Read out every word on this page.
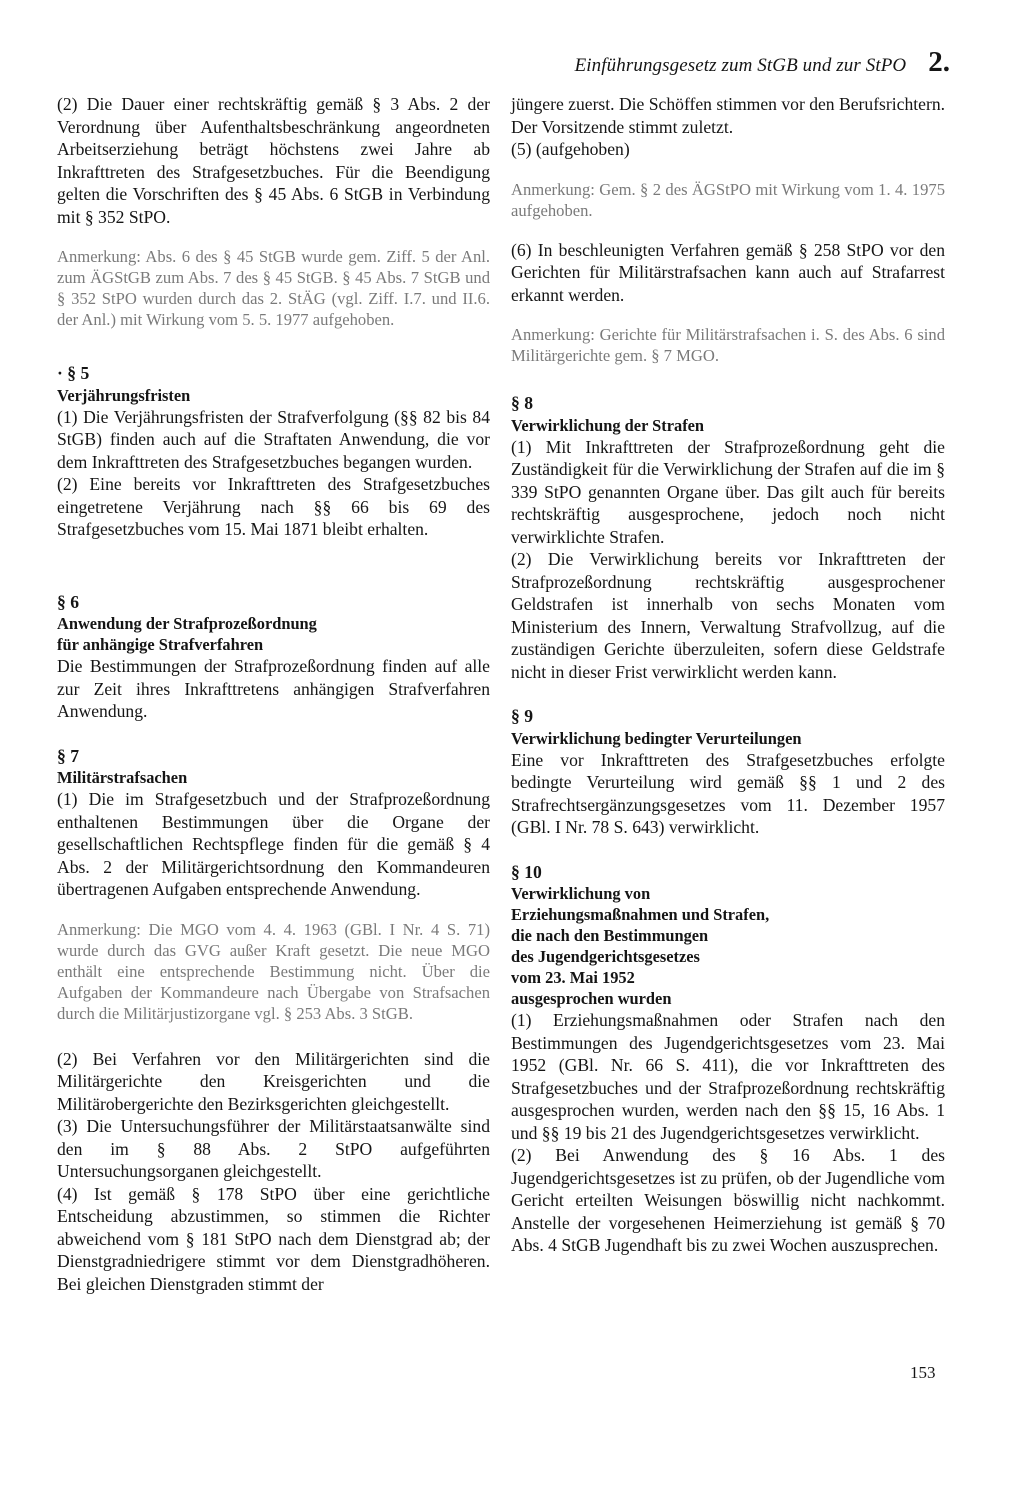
Einführungsgesetz zum StGB und zur StPO 2.

(2) Die Dauer einer rechtskräftig gemäß § 3 Abs. 2 der Verordnung über Aufenthaltsbeschränkung angeordneten Arbeitserziehung beträgt höchstens zwei Jahre ab Inkrafttreten des Strafgesetzbuches. Für die Beendigung gelten die Vorschriften des § 45 Abs. 6 StGB in Verbindung mit § 352 StPO.

Anmerkung: Abs. 6 des § 45 StGB wurde gem. Ziff. 5 der Anl. zum ÄGStGB zum Abs. 7 des § 45 StGB. § 45 Abs. 7 StGB und § 352 StPO wurden durch das 2. StÄG (vgl. Ziff. I.7. und II.6. der Anl.) mit Wirkung vom 5. 5. 1977 aufgehoben.

· § 5
Verjährungsfristen

(1) Die Verjährungsfristen der Strafverfolgung (§§ 82 bis 84 StGB) finden auch auf die Straftaten Anwendung, die vor dem Inkrafttreten des Strafgesetzbuches begangen wurden.

(2) Eine bereits vor Inkrafttreten des Strafgesetzbuches eingetretene Verjährung nach §§ 66 bis 69 des Strafgesetzbuches vom 15. Mai 1871 bleibt erhalten.

§ 6
Anwendung der Strafprozeßordnung
für anhängige Strafverfahren

Die Bestimmungen der Strafprozeßordnung finden auf alle zur Zeit ihres Inkrafttretens anhängigen Strafverfahren Anwendung.

§ 7
Militärstrafsachen

(1) Die im Strafgesetzbuch und der Strafprozeßordnung enthaltenen Bestimmungen über die Organe der gesellschaftlichen Rechtspflege finden für die gemäß § 4 Abs. 2 der Militärgerichtsordnung den Kommandeuren übertragenen Aufgaben entsprechende Anwendung.

Anmerkung: Die MGO vom 4. 4. 1963 (GBl. I Nr. 4 S. 71) wurde durch das GVG außer Kraft gesetzt. Die neue MGO enthält eine entsprechende Bestimmung nicht. Über die Aufgaben der Kommandeure nach Übergabe von Strafsachen durch die Militärjustizorgane vgl. § 253 Abs. 3 StGB.

(2) Bei Verfahren vor den Militärgerichten sind die Militärgerichte den Kreisgerichten und die Militärobergerichte den Bezirksgerichten gleichgestellt.

(3) Die Untersuchungsführer der Militärstaatsanwälte sind den im § 88 Abs. 2 StPO aufgeführten Untersuchungsorganen gleichgestellt.

(4) Ist gemäß § 178 StPO über eine gerichtliche Entscheidung abzustimmen, so stimmen die Richter abweichend vom § 181 StPO nach dem Dienstgrad ab; der Dienstgradniedrigere stimmt vor dem Dienstgradhöheren. Bei gleichen Dienstgraden stimmt der

jüngere zuerst. Die Schöffen stimmen vor den Berufsrichtern. Der Vorsitzende stimmt zuletzt.

(5) (aufgehoben)

Anmerkung: Gem. § 2 des ÄGStPO mit Wirkung vom 1. 4. 1975 aufgehoben.

(6) In beschleunigten Verfahren gemäß § 258 StPO vor den Gerichten für Militärstrafsachen kann auch auf Strafarrest erkannt werden.

Anmerkung: Gerichte für Militärstrafsachen i. S. des Abs. 6 sind Militärgerichte gem. § 7 MGO.

§ 8
Verwirklichung der Strafen

(1) Mit Inkrafttreten der Strafprozeßordnung geht die Zuständigkeit für die Verwirklichung der Strafen auf die im § 339 StPO genannten Organe über. Das gilt auch für bereits rechtskräftig ausgesprochene, jedoch noch nicht verwirklichte Strafen.

(2) Die Verwirklichung bereits vor Inkrafttreten der Strafprozeßordnung rechtskräftig ausgesprochener Geldstrafen ist innerhalb von sechs Monaten vom Ministerium des Innern, Verwaltung Strafvollzug, auf die zuständigen Gerichte überzuleiten, sofern diese Geldstrafe nicht in dieser Frist verwirklicht werden kann.

§ 9
Verwirklichung bedingter Verurteilungen

Eine vor Inkrafttreten des Strafgesetzbuches erfolgte bedingte Verurteilung wird gemäß §§ 1 und 2 des Strafrechtsergänzungsgesetzes vom 11. Dezember 1957 (GBl. I Nr. 78 S. 643) verwirklicht.

§ 10
Verwirklichung von
Erziehungsmaßnahmen und Strafen,
die nach den Bestimmungen
des Jugendgerichtsgesetzes
vom 23. Mai 1952
ausgesprochen wurden

(1) Erziehungsmaßnahmen oder Strafen nach den Bestimmungen des Jugendgerichtsgesetzes vom 23. Mai 1952 (GBl. Nr. 66 S. 411), die vor Inkrafttreten des Strafgesetzbuches und der Strafprozeßordnung rechtskräftig ausgesprochen wurden, werden nach den §§ 15, 16 Abs. 1 und §§ 19 bis 21 des Jugendgerichtsgesetzes verwirklicht.

(2) Bei Anwendung des § 16 Abs. 1 des Jugendgerichtsgesetzes ist zu prüfen, ob der Jugendliche vom Gericht erteilten Weisungen böswillig nicht nachkommt. Anstelle der vorgesehenen Heimerziehung ist gemäß § 70 Abs. 4 StGB Jugendhaft bis zu zwei Wochen auszusprechen.

153
